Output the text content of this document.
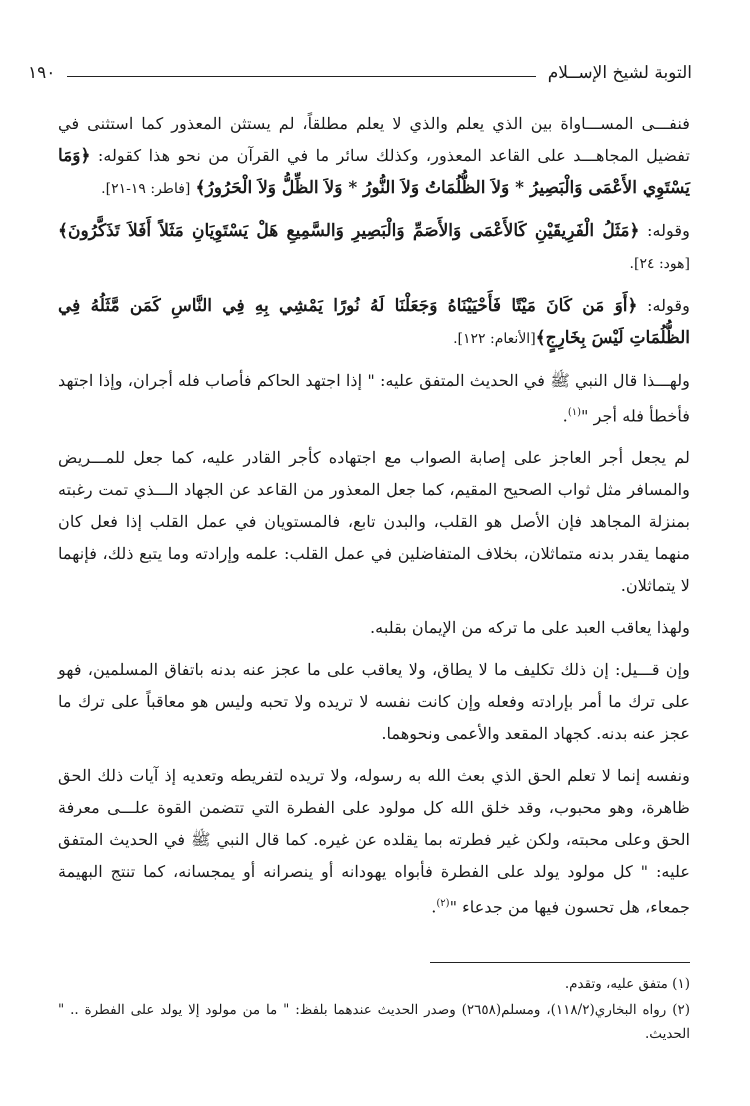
التوبة لشيخ الإســلام
١٩٠

فنفـــى المســـاواة بين الذي يعلم والذي لا يعلم مطلقاً، لم يستثن المعذور كما استثنى في تفضيل المجاهـــد على القاعد المعذور، وكذلك سائر ما في القرآن من نحو هذا كقوله: ﴿وَمَا يَسْتَوِي الأَعْمَى وَالْبَصِيرُ * وَلاَ الظُّلُمَاتُ وَلاَ النُّورُ * وَلاَ الظِّلُّ وَلاَ الْحَرُورُ﴾ [فاطر: ١٩-٢١].

وقوله: ﴿مَثَلُ الْفَرِيقَيْنِ كَالأَعْمَى وَالأَصَمِّ وَالْبَصِيرِ وَالسَّمِيعِ هَلْ يَسْتَوِيَانِ مَثَلاً أَفَلاَ تَذَكَّرُونَ﴾[هود: ٢٤].

وقوله: ﴿أَوَ مَن كَانَ مَيْتًا فَأَحْيَيْنَاهُ وَجَعَلْنَا لَهُ نُورًا يَمْشِي بِهِ فِي النَّاسِ كَمَن مَّثَلُهُ فِي الظُّلُمَاتِ لَيْسَ بِخَارِجٍ﴾[الأنعام: ١٢٢].

ولهـــذا قال النبي ﷺ في الحديث المتفق عليه: " إذا اجتهد الحاكم فأصاب فله أجران، وإذا اجتهد فأخطأ فله أجر "$^{(١)}$.

لم يجعل أجر العاجز على إصابة الصواب مع اجتهاده كأجر القادر عليه، كما جعل للمـــريض والمسافر مثل ثواب الصحيح المقيم، كما جعل المعذور من القاعد عن الجهاد الـــذي تمت رغبته بمنزلة المجاهد فإن الأصل هو القلب، والبدن تابع، فالمستويان في عمل القلب إذا فعل كان منهما يقدر بدنه متماثلان، بخلاف المتفاضلين في عمل القلب: علمه وإرادته وما يتبع ذلك، فإنهما لا يتماثلان.

ولهذا يعاقب العبد على ما تركه من الإيمان بقلبه.

وإن قـــيل: إن ذلك تكليف ما لا يطاق، ولا يعاقب على ما عجز عنه بدنه باتفاق المسلمين، فهو على ترك ما أمر بإرادته وفعله وإن كانت نفسه لا تريده ولا تحبه وليس هو معاقباً على ترك ما عجز عنه بدنه. كجهاد المقعد والأعمى ونحوهما.

ونفسه إنما لا تعلم الحق الذي بعث الله به رسوله، ولا تريده لتفريطه وتعديه إذ آيات ذلك الحق ظاهرة، وهو محبوب، وقد خلق الله كل مولود على الفطرة التي تتضمن القوة علـــى معرفة الحق وعلى محبته، ولكن غير فطرته بما يقلده عن غيره. كما قال النبي ﷺ في الحديث المتفق عليه: " كل مولود يولد على الفطرة فأبواه يهودانه أو ينصرانه أو يمجسانه، كما تنتج البهيمة جمعاء، هل تحسون فيها من جدعاء "$^{(٢)}$.

(١) متفق عليه، وتقدم.

(٢) رواه البخاري(١١٨/٢)، ومسلم(٢٦٥٨) وصدر الحديث عندهما بلفظ: " ما من مولود إلا يولد على الفطرة .. " الحديث.
